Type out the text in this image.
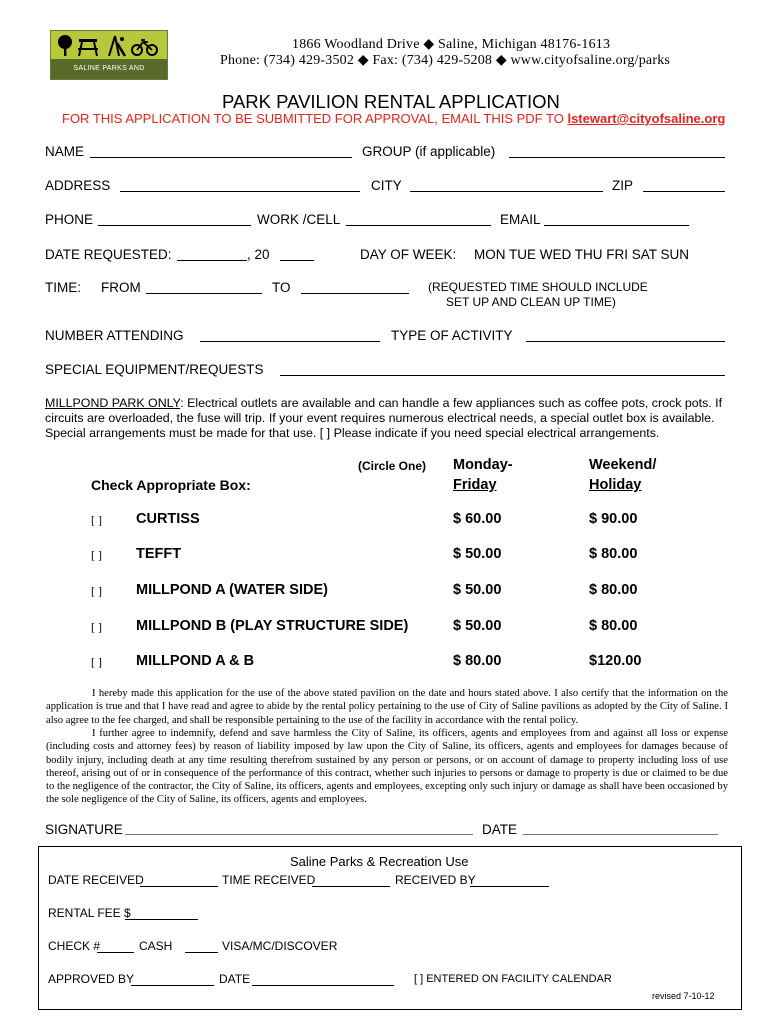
SALINE PARKS AND RECREATION
1866 Woodland Drive ◆ Saline, Michigan 48176-1613
Phone: (734) 429-3502 ◆ Fax: (734) 429-5208 ◆ www.cityofsaline.org/parks
PARK PAVILION RENTAL APPLICATION
FOR THIS APPLICATION TO BE SUBMITTED FOR APPROVAL, EMAIL THIS PDF TO lstewart@cityofsaline.org
NAME	GROUP (if applicable)
ADDRESS	CITY	ZIP
PHONE	WORK /CELL	EMAIL
DATE REQUESTED:	, 20	DAY OF WEEK: MON TUE WED THU FRI SAT SUN
TIME: FROM	TO	(REQUESTED TIME SHOULD INCLUDE
SET UP AND CLEAN UP TIME)
NUMBER ATTENDING	TYPE OF ACTIVITY
SPECIAL EQUIPMENT/REQUESTS
MILLPOND PARK ONLY: Electrical outlets are available and can handle a few appliances such as coffee pots, crock pots. If
circuits are overloaded, the fuse will trip. If your event requires numerous electrical needs, a special outlet box is available.
Special arrangements must be made for that use. [ ] Please indicate if you need special electrical arrangements.
(Circle One)
Check Appropriate Box:
Monday-
Friday
Weekend/
Holiday
[ ] CURTISS	$ 60.00	$ 90.00
[ ] TEFFT	$ 50.00	$ 80.00
[ ] MILLPOND A (WATER SIDE)	$ 50.00	$ 80.00
[ ] MILLPOND B (PLAY STRUCTURE SIDE)	$ 50.00	$ 80.00
[ ] MILLPOND A & B	$ 80.00	$120.00
I hereby made this application for the use of the above stated pavilion on the date and hours stated above. I also certify that the information on the application is true and that I have read and agree to abide by the rental policy pertaining to the use of City of Saline pavilions as adopted by the City of Saline. I also agree to the fee charged, and shall be responsible pertaining to the use of the facility in accordance with the rental policy.
I further agree to indemnify, defend and save harmless the City of Saline, its officers, agents and employees from and against all loss or expense (including costs and attorney fees) by reason of liability imposed by law upon the City of Saline, its officers, agents and employees for damages because of bodily injury, including death at any time resulting therefrom sustained by any person or persons, or on account of damage to property including loss of use thereof, arising out of or in consequence of the performance of this contract, whether such injuries to persons or damage to property is due or claimed to be due to the negligence of the contractor, the City of Saline, its officers, agents and employees, excepting only such injury or damage as shall have been occasioned by the sole negligence of the City of Saline, its officers, agents and employees.
SIGNATURE	DATE
Saline Parks & Recreation Use
DATE RECEIVED	TIME RECEIVED	RECEIVED BY
RENTAL FEE $
CHECK #	CASH	VISA/MC/DISCOVER
APPROVED BY	DATE	[ ] ENTERED ON FACILITY CALENDAR
revised 7-10-12
